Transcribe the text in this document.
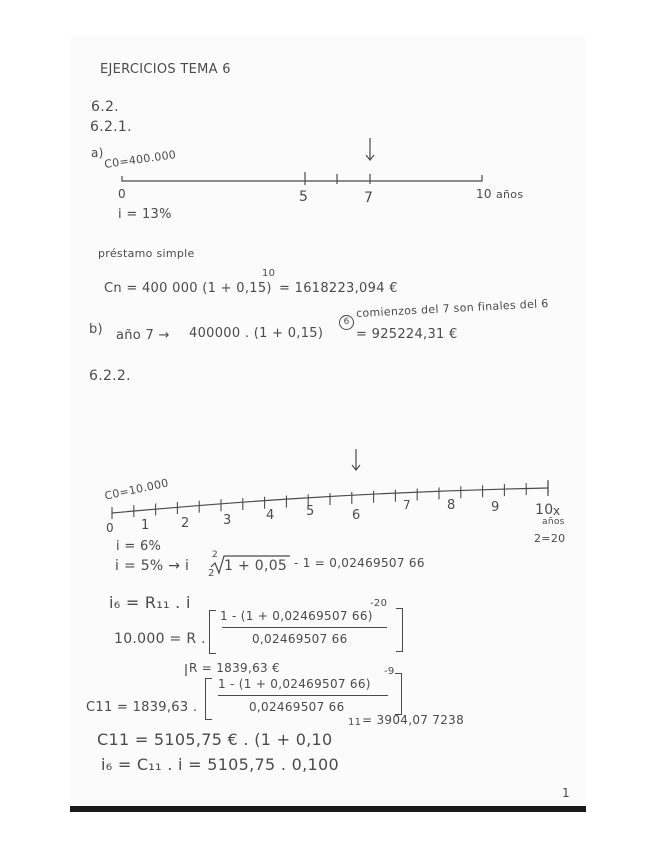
EJERCICIOS TEMA 6
6.2.
6.2.1.
a) C0=400.000
0	5	7	10 años
i = 13%
préstamo simple
Cn = 400 000 (1 + 0,15)
10
= 1618223,094 €
b) año 7 → 400000 . (1 + 0,15)
6
= 925224,31 €
comienzos del 7 son finales del 6
6.2.2.
C0=10.000
0 1 2	3	4 5	6
7	8	9	10 x
años
2=20
i = 6%
i = 5% → i 2
2
1 + 0,05 - 1 = 0,02469507 66
i₆ = R₁₁ . i
10.000 = R .
1 - (1 + 0,02469507 66)
-20
0,02469507 66
R = 1839,63 €
C11 = 1839,63 .
1 - (1 + 0,02469507 66)
-9
0,02469507 66
C11 = 5105,75 € . (1 + 0,10
11 = 3904,07 7238
i₆ = C₁₁ . i = 5105,75 . 0,100
1
